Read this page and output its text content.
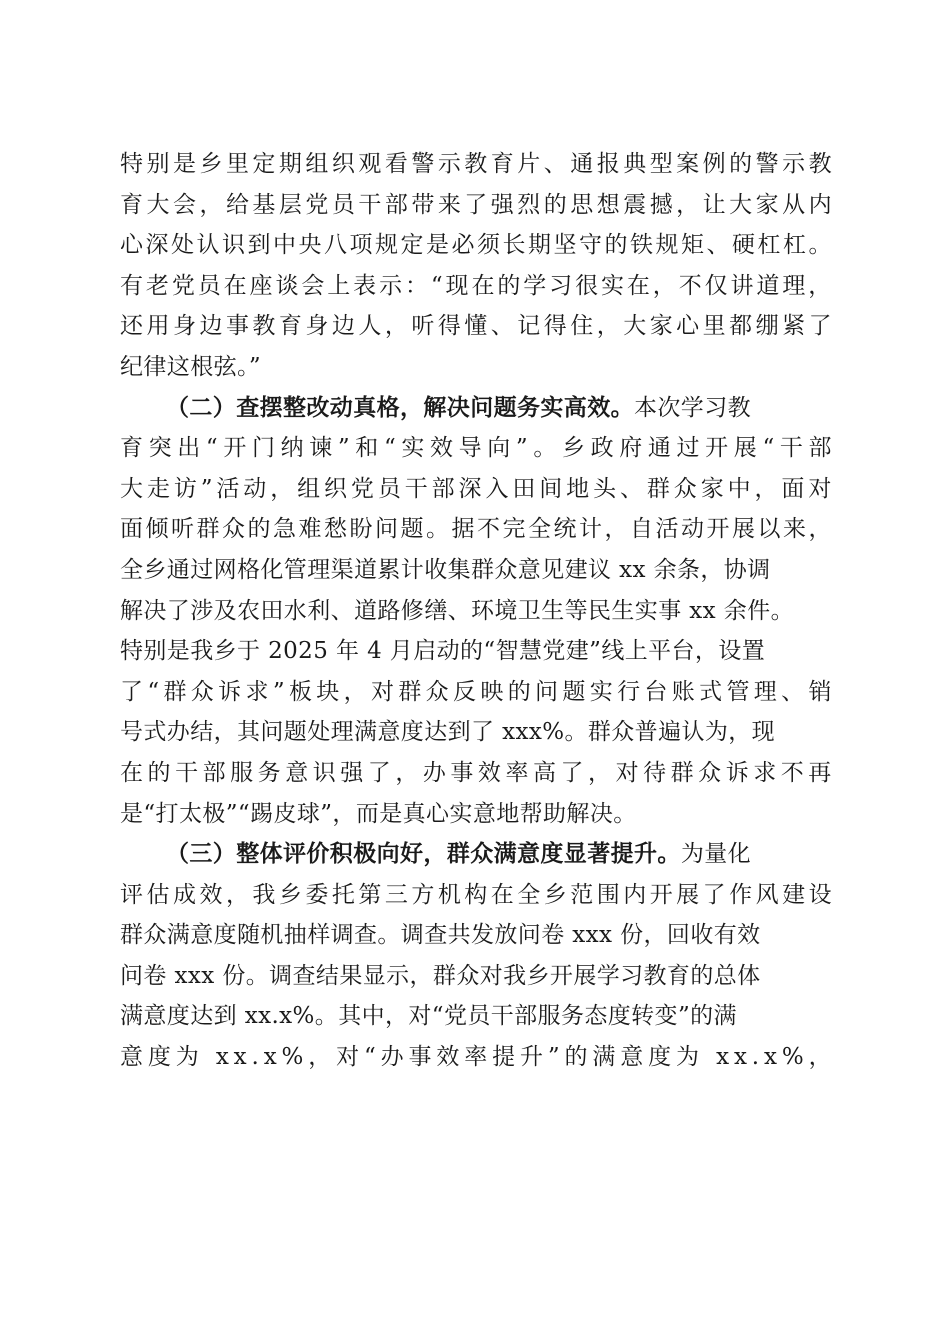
特 别 是 乡 里 定 期 组 织 观 看 警 示 教 育 片 、 通 报 典 型 案 例 的 警 示 教
育 大 会 ， 给 基 层 党 员 干 部 带 来 了 强 烈 的 思 想 震 撼 ， 让 大 家 从 内
心 深 处 认 识 到 中 央 八 项 规 定 是 必 须 长 期 坚 守 的 铁 规 矩 、 硬 杠 杠 。
有 老 党 员 在 座 谈 会 上 表 示 ： “ 现 在 的 学 习 很 实 在 ， 不 仅 讲 道 理 ，
还 用 身 边 事 教 育 身 边 人 ， 听 得 懂 、 记 得 住 ， 大 家 心 里 都 绷 紧 了
纪律这根弦。”
（二）查摆整改动真格，解决问题务实高效。本次学习教
育 突 出 “ 开 门 纳 谏 ” 和 “ 实 效 导 向 ” 。 乡 政 府 通 过 开 展 “ 干 部
大 走 访 ” 活 动 ， 组 织 党 员 干 部 深 入 田 间 地 头 、 群 众 家 中 ， 面 对
面 倾 听 群 众 的 急 难 愁 盼 问 题 。 据 不 完 全 统 计 ， 自 活 动 开 展 以 来 ，
全乡通过网格化管理渠道累计收集群众意见建议 xx 余条，协调
解决了涉及农田水利、道路修缮、环境卫生等民生实事 xx 余件。
特别是我乡于 2025 年 4 月启动的“智慧党建”线上平台，设置
了 “ 群 众 诉 求 ” 板 块 ， 对 群 众 反 映 的 问 题 实 行 台 账 式 管 理 、 销
号式办结，其问题处理满意度达到了 xxx%。群众普遍认为，现
在 的 干 部 服 务 意 识 强 了 ， 办 事 效 率 高 了 ， 对 待 群 众 诉 求 不 再
是“打太极”“踢皮球”，而是真心实意地帮助解决。
（三）整体评价积极向好，群众满意度显著提升。为量化
评 估 成 效 ， 我 乡 委 托 第 三 方 机 构 在 全 乡 范 围 内 开 展 了 作 风 建 设
群众满意度随机抽样调查。调查共发放问卷 xxx 份，回收有效
问卷 xxx 份。调查结果显示，群众对我乡开展学习教育的总体
满意度达到 xx.x%。其中，对“党员干部服务态度转变”的满
意 度 为
x x . x % ， 对 “ 办 事 效 率 提 升 ” 的 满 意 度 为
x x . x % ，
